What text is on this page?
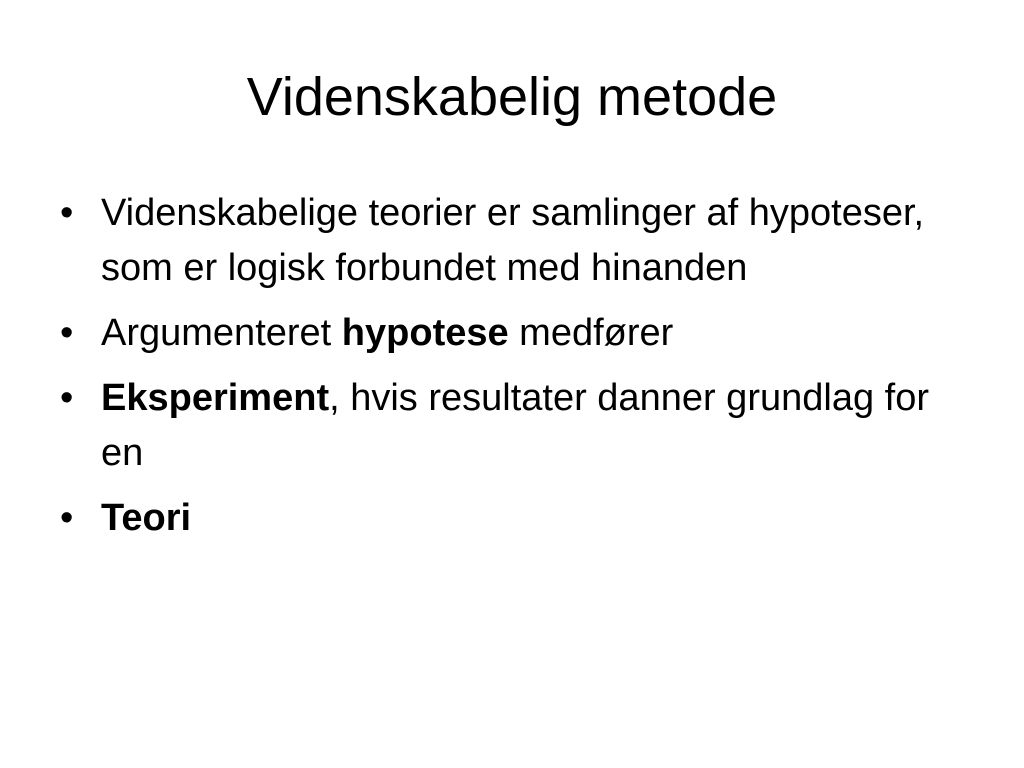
Videnskabelig metode
• Videnskabelige teorier er samlinger af hypoteser, som er logisk forbundet med hinanden
• Argumenteret hypotese medfører
• Eksperiment, hvis resultater danner grundlag for en
• Teori
